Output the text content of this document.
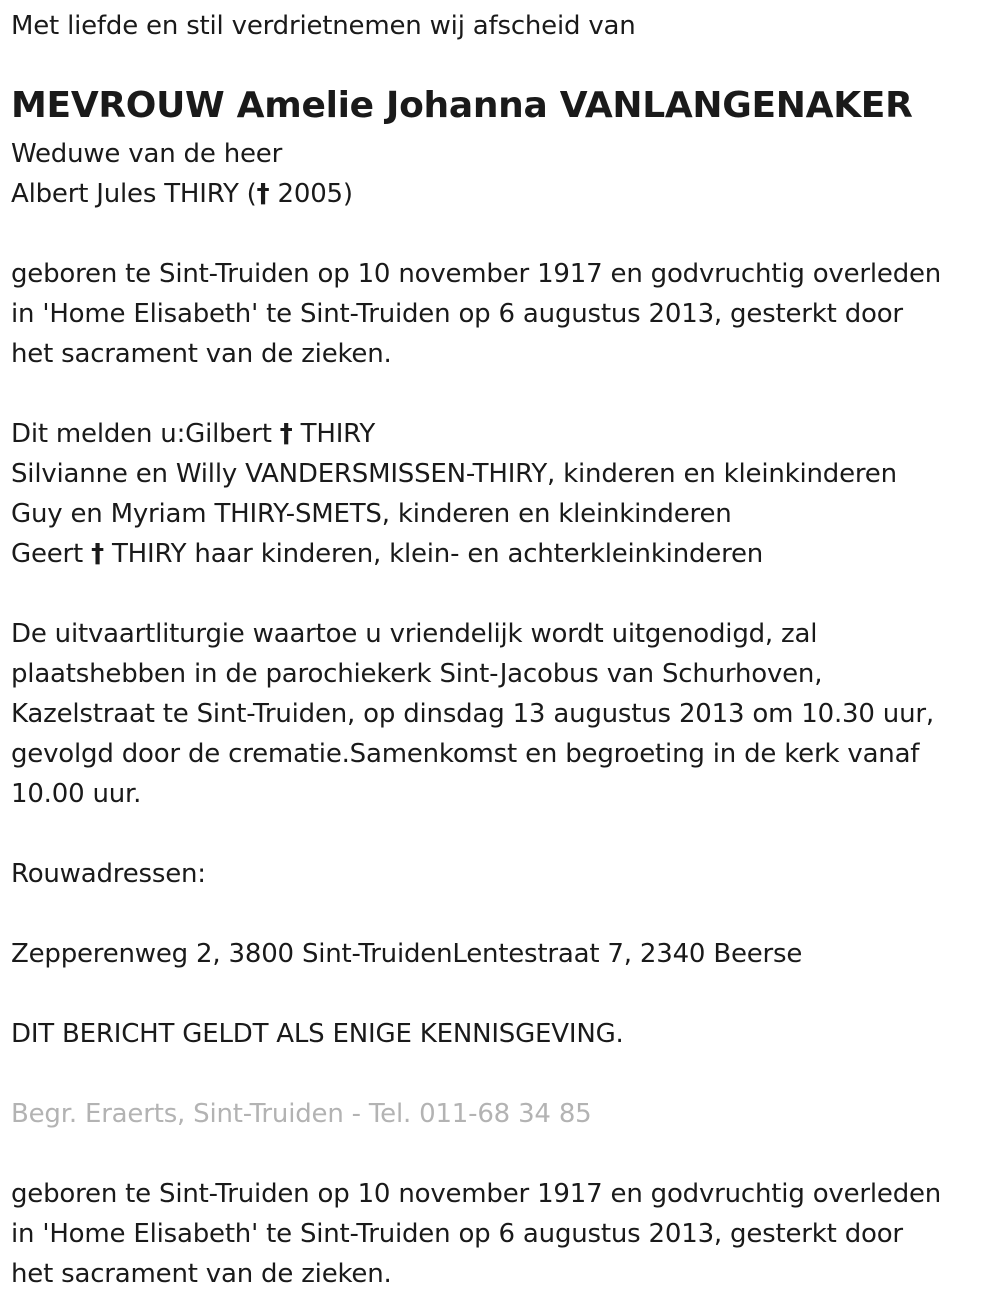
Met liefde en stil verdrietnemen wij afscheid van
MEVROUW Amelie Johanna VANLANGENAKER
Weduwe van de heer
Albert Jules THIRY († 2005)
geboren te Sint-Truiden op 10 november 1917 en godvruchtig overleden
in 'Home Elisabeth' te Sint-Truiden op 6 augustus 2013, gesterkt door
het sacrament van de zieken.
Dit melden u:Gilbert † THIRY
Silvianne en Willy VANDERSMISSEN-THIRY, kinderen en kleinkinderen
Guy en Myriam THIRY-SMETS, kinderen en kleinkinderen
Geert † THIRY haar kinderen, klein- en achterkleinkinderen
De uitvaartliturgie waartoe u vriendelijk wordt uitgenodigd, zal
plaatshebben in de parochiekerk Sint-Jacobus van Schurhoven,
Kazelstraat te Sint-Truiden, op dinsdag 13 augustus 2013 om 10.30 uur,
gevolgd door de crematie.Samenkomst en begroeting in de kerk vanaf
10.00 uur.
Rouwadressen:
Zepperenweg 2, 3800 Sint-TruidenLentestraat 7, 2340 Beerse
DIT BERICHT GELDT ALS ENIGE KENNISGEVING.
Begr. Eraerts, Sint-Truiden - Tel. 011-68 34 85
geboren te Sint-Truiden op 10 november 1917 en godvruchtig overleden
in 'Home Elisabeth' te Sint-Truiden op 6 augustus 2013, gesterkt door
het sacrament van de zieken.
